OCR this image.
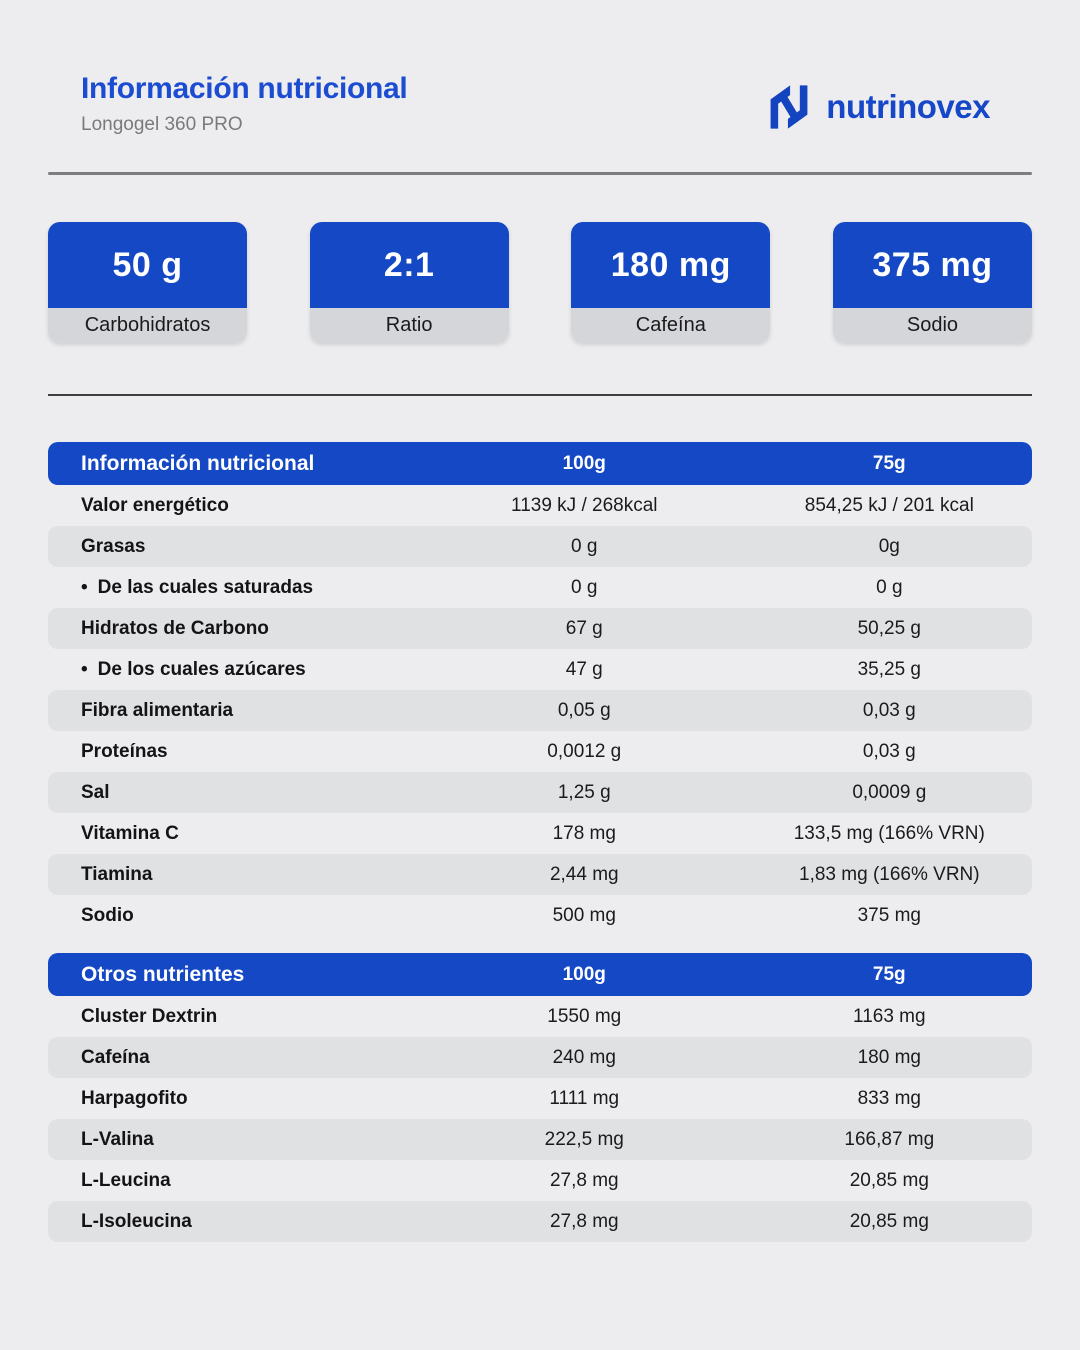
Información nutricional
Longogel 360 PRO	nutrinovex
50 g
Carbohidratos
2:1
Ratio
180 mg
Cafeína
375 mg
Sodio
Información nutricional	100g	75g
Valor energético	1139 kJ / 268kcal	854,25 kJ / 201 kcal
Grasas	0 g	0g
• De las cuales saturadas	0 g	0 g
Hidratos de Carbono	67 g	50,25 g
• De los cuales azúcares	47 g	35,25 g
Fibra alimentaria	0,05 g	0,03 g
Proteínas	0,0012 g	0,03 g
Sal	1,25 g	0,0009 g
Vitamina C	178 mg	133,5 mg (166% VRN)
Tiamina	2,44 mg	1,83 mg (166% VRN)
Sodio	500 mg	375 mg
Otros nutrientes	100g	75g
Cluster Dextrin	1550 mg	1163 mg
Cafeína	240 mg	180 mg
Harpagofito	1111 mg	833 mg
L-Valina	222,5 mg	166,87 mg
L-Leucina	27,8 mg	20,85 mg
L-Isoleucina	27,8 mg	20,85 mg
